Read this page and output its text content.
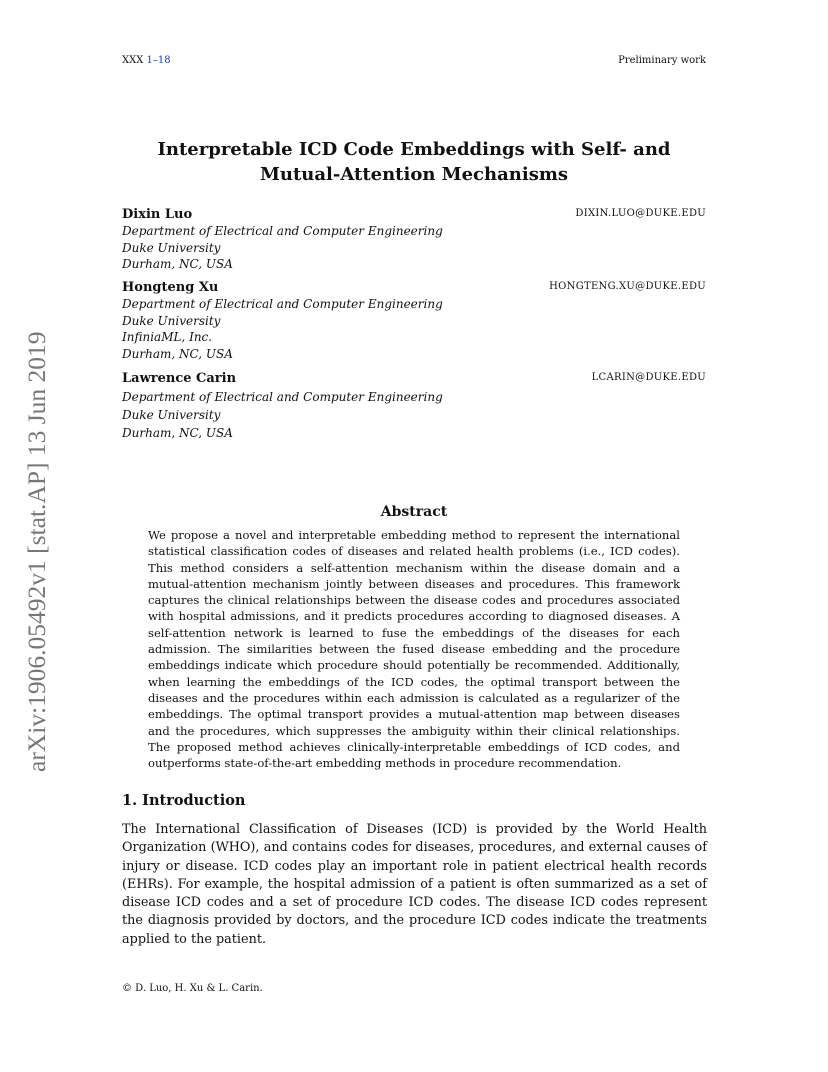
XXX 1–18	Preliminary work
Interpretable ICD Code Embeddings with Self- and
Mutual-Attention Mechanisms
Dixin Luo	DIXIN.LUO@DUKE.EDU
Department of Electrical and Computer Engineering
Duke University
Durham, NC, USA
Hongteng Xu	HONGTENG.XU@DUKE.EDU
Department of Electrical and Computer Engineering
Duke University
InfiniaML, Inc.
Durham, NC, USA
Lawrence Carin	LCARIN@DUKE.EDU
Department of Electrical and Computer Engineering
Duke University
Durham, NC, USA
Abstract
We propose a novel and interpretable embedding method to represent the international statistical classification codes of diseases and related health problems (i.e., ICD codes). This method considers a self-attention mechanism within the disease domain and a mutual-attention mechanism jointly between diseases and procedures. This framework captures the clinical relationships between the disease codes and procedures associated with hospital admissions, and it predicts procedures according to diagnosed diseases. A self-attention network is learned to fuse the embeddings of the diseases for each admission. The similarities between the fused disease embedding and the procedure embeddings indicate which procedure should potentially be recommended. Additionally, when learning the embeddings of the ICD codes, the optimal transport between the diseases and the procedures within each admission is calculated as a regularizer of the embeddings. The optimal transport provides a mutual-attention map between diseases and the procedures, which suppresses the ambiguity within their clinical relationships. The proposed method achieves clinically-interpretable embeddings of ICD codes, and outperforms state-of-the-art embedding methods in procedure recommendation.
1. Introduction
The International Classification of Diseases (ICD) is provided by the World Health Organization (WHO), and contains codes for diseases, procedures, and external causes of injury or disease. ICD codes play an important role in patient electrical health records (EHRs). For example, the hospital admission of a patient is often summarized as a set of disease ICD codes and a set of procedure ICD codes. The disease ICD codes represent the diagnosis provided by doctors, and the procedure ICD codes indicate the treatments applied to the patient.
© D. Luo, H. Xu & L. Carin.
arXiv:1906.05492v1 [stat.AP] 13 Jun 2019
